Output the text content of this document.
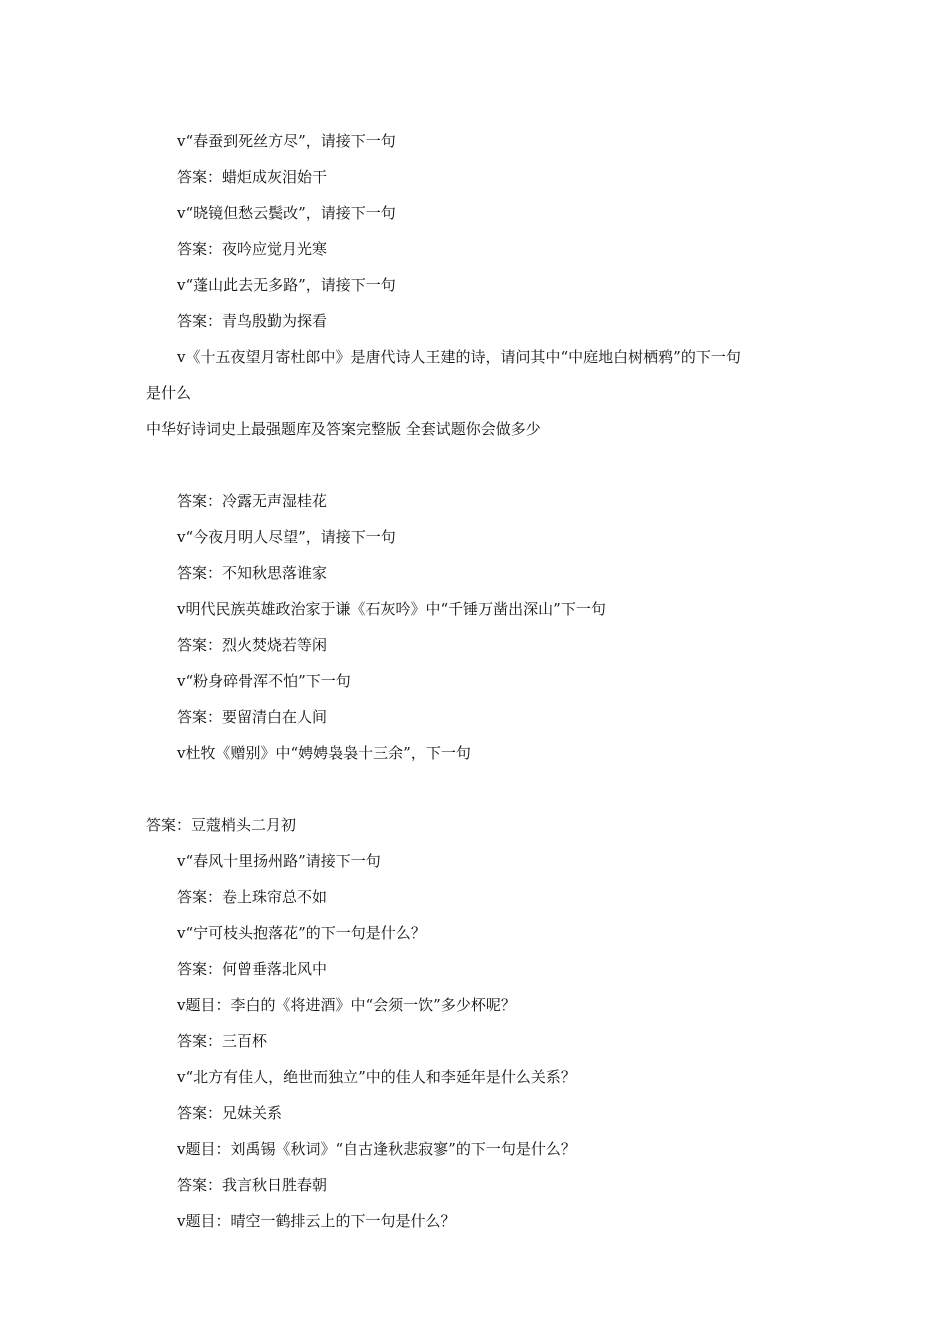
v“春蚕到死丝方尽”，请接下一句
答案：蜡炬成灰泪始干
v“晓镜但愁云鬓改”，请接下一句
答案：夜吟应觉月光寒
v“蓬山此去无多路”，请接下一句
答案：青鸟殷勤为探看
v《十五夜望月寄杜郎中》是唐代诗人王建的诗，请问其中“中庭地白树栖鸦”的下一句
是什么
中华好诗词史上最强题库及答案完整版 全套试题你会做多少
答案：冷露无声湿桂花
v“今夜月明人尽望”，请接下一句
答案：不知秋思落谁家
v明代民族英雄政治家于谦《石灰吟》中“千锤万凿出深山”下一句
答案：烈火焚烧若等闲
v“粉身碎骨浑不怕”下一句
答案：要留清白在人间
v杜牧《赠别》中“娉娉袅袅十三余”，下一句
答案：豆蔻梢头二月初
v“春风十里扬州路”请接下一句
答案：卷上珠帘总不如
v“宁可枝头抱落花”的下一句是什么？
答案：何曾垂落北风中
v题目：李白的《将进酒》中“会须一饮”多少杯呢？
答案：三百杯
v“北方有佳人，绝世而独立”中的佳人和李延年是什么关系？
答案：兄妹关系
v题目：刘禹锡《秋词》“自古逢秋悲寂寥”的下一句是什么？
答案：我言秋日胜春朝
v题目：晴空一鹤排云上的下一句是什么？
